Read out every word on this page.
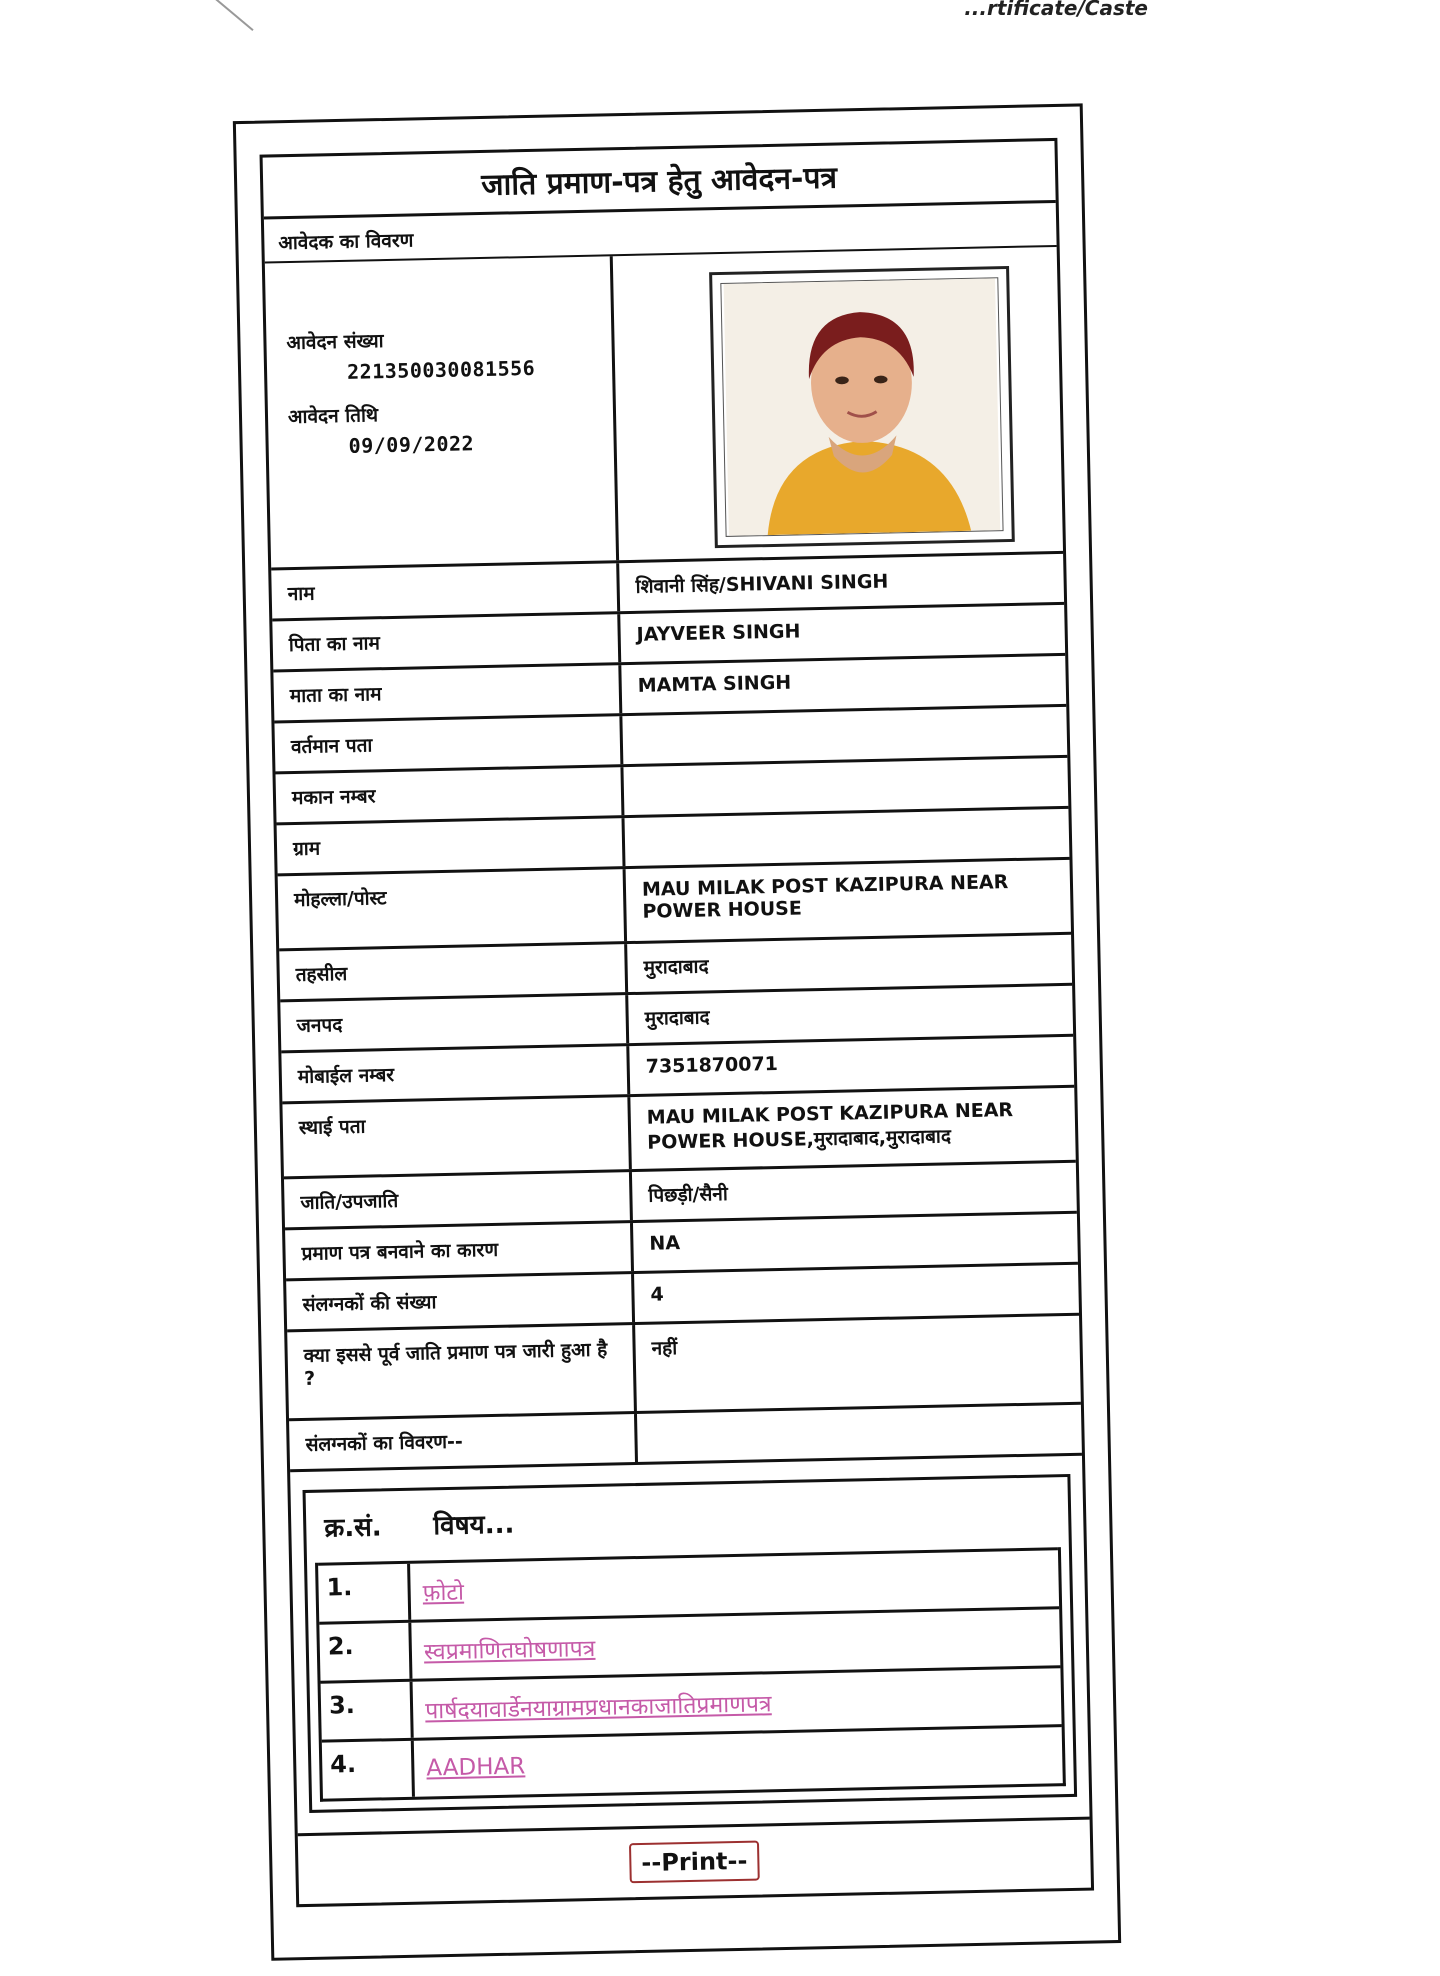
...rtificate/Caste
जाति प्रमाण-पत्र हेतु आवेदन-पत्र
आवेदक का विवरण
आवेदन संख्या
221350030081556
आवेदन तिथि
09/09/2022
नाम	शिवानी सिंह/SHIVANI SINGH
पिता का नाम	JAYVEER SINGH
माता का नाम	MAMTA SINGH
वर्तमान पता
मकान नम्बर
ग्राम
मोहल्ला/पोस्ट	MAU MILAK POST KAZIPURA NEAR POWER HOUSE
तहसील	मुरादाबाद
जनपद	मुरादाबाद
मोबाईल नम्बर	7351870071
स्थाई पता	MAU MILAK POST KAZIPURA NEAR POWER HOUSE,मुरादाबाद,मुरादाबाद
जाति/उपजाति	पिछड़ी/सैनी
प्रमाण पत्र बनवाने का कारण	NA
संलग्नकों की संख्या	4
क्या इससे पूर्व जाति प्रमाण पत्र जारी हुआ है ?
नहीं
संलग्नकों का विवरण--
क्र.सं. विषय...
1.	फ़ोटो
2.	स्वप्रमाणितघोषणापत्र
3.	पार्षदयावार्डेनयाग्रामप्रधानकाजातिप्रमाणपत्र
4.	AADHAR
--Print--
